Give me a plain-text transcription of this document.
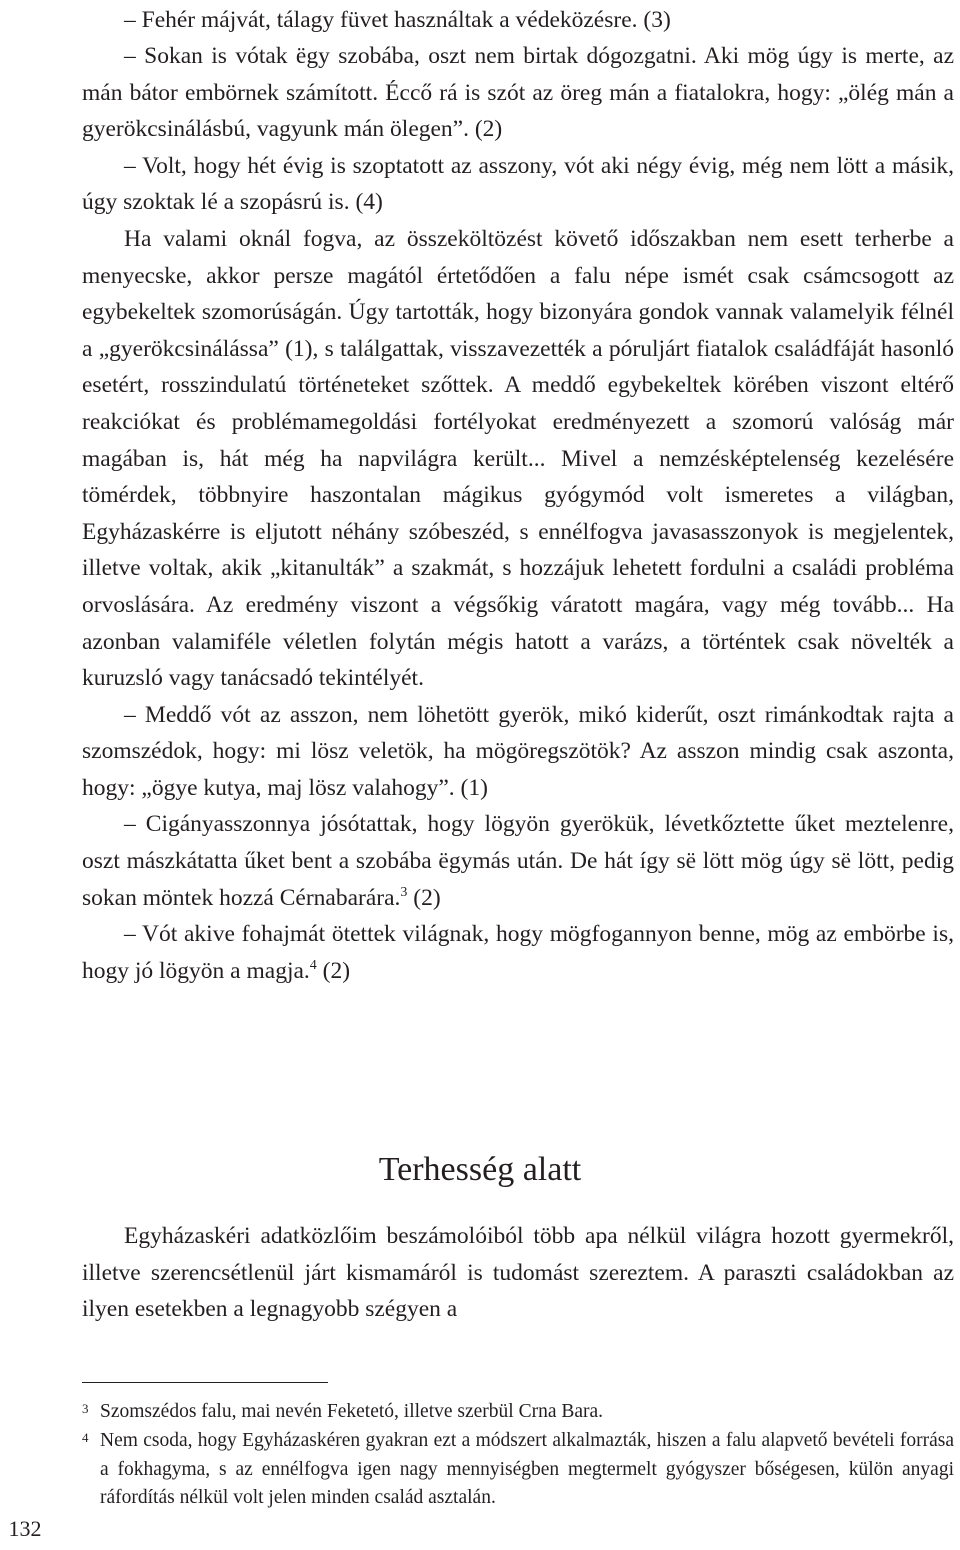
– Fehér májvát, tálagy füvet használtak a védeközésre. (3)

– Sokan is vótak ëgy szobába, oszt nem birtak dógozgatni. Aki mög úgy is merte, az mán bátor embörnek számított. Éccő rá is szót az öreg mán a fiatalokra, hogy: „ölég mán a gyerökcsinálásbú, vagyunk mán ölegen”. (2)

– Volt, hogy hét évig is szoptatott az asszony, vót aki négy évig, még nem lött a másik, úgy szoktak lé a szopásrú is. (4)

Ha valami oknál fogva, az összeköltözést követő időszakban nem esett terherbe a menyecske, akkor persze magától értetődően a falu népe ismét csak csámcsogott az egybekeltek szomorúságán. Úgy tartották, hogy bizonyára gondok vannak valamelyik félnél a „gyerökcsinálássa” (1), s találgattak, visszavezették a póruljárt fiatalok családfáját hasonló esetért, rosszindulatú történeteket szőttek. A meddő egybekeltek körében viszont eltérő reakciókat és problémamegoldási fortélyokat eredményezett a szomorú valóság már magában is, hát még ha napvilágra került... Mivel a nemzésképtelenség kezelésére tömérdek, többnyire haszontalan mágikus gyógymód volt ismeretes a világban, Egyházaskérre is eljutott néhány szóbeszéd, s ennélfogva javasasszonyok is megjelentek, illetve voltak, akik „kitanulták” a szakmát, s hozzájuk lehetett fordulni a családi probléma orvoslására. Az eredmény viszont a végsőkig váratott magára, vagy még tovább... Ha azonban valamiféle véletlen folytán mégis hatott a varázs, a történtek csak növelték a kuruzsló vagy tanácsadó tekintélyét.

– Meddő vót az asszon, nem löhetött gyerök, mikó kiderűt, oszt rimánkodtak rajta a szomszédok, hogy: mi lösz veletök, ha mögöregszötök? Az asszon mindig csak aszonta, hogy: „ögye kutya, maj lösz valahogy”. (1)

– Cigányasszonnya jósótattak, hogy lögyön gyerökük, lévetkőztette űket meztelenre, oszt mászkátatta űket bent a szobába ëgymás után. De hát így së lött mög úgy së lött, pedig sokan möntek hozzá Cérnabarára.$^3$ (2)

– Vót akive fohajmát ötettek világnak, hogy mögfogannyon benne, mög az embörbe is, hogy jó lögyön a magja.$^4$ (2)

Terhesség alatt

Egyházaskéri adatközlőim beszámolóiból több apa nélkül világra hozott gyermekről, illetve szerencsétlenül járt kismamáról is tudomást szereztem. A paraszti családokban az ilyen esetekben a legnagyobb szégyen a

3 Szomszédos falu, mai nevén Feketetó, illetve szerbül Crna Bara.
4 Nem csoda, hogy Egyházaskéren gyakran ezt a módszert alkalmazták, hiszen a falu alapvető bevételi forrása a fokhagyma, s az ennélfogva igen nagy mennyiségben megtermelt gyógyszer bőségesen, külön anyagi ráfordítás nélkül volt jelen minden család asztalán.
132
